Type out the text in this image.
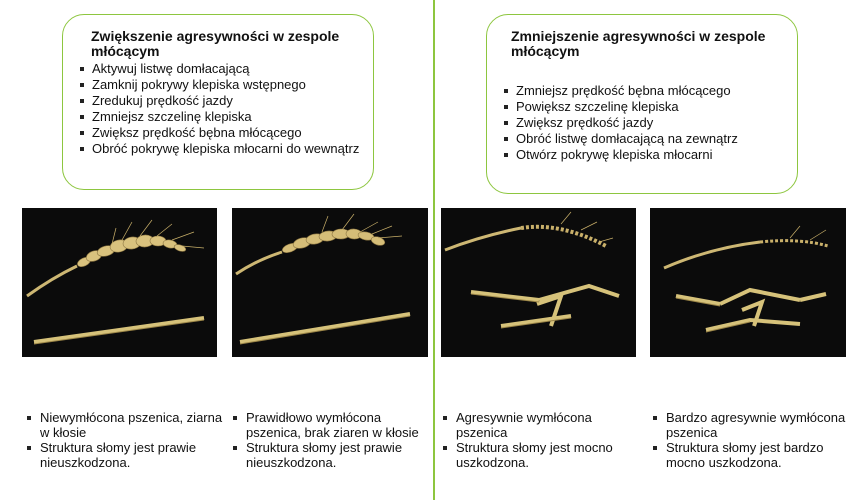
Zwiększenie agresywności w zespole młócącym
Aktywuj listwę domłacającą
Zamknij pokrywy klepiska wstępnego
Zredukuj prędkość jazdy
Zmniejsz szczelinę klepiska
Zwiększ prędkość bębna młócącego
Obróć pokrywę klepiska młocarni do wewnątrz
Zmniejszenie agresywności w zespole młócącym
Zmniejsz prędkość bębna młócącego
Powiększ szczelinę klepiska
Zwiększ prędkość jazdy
Obróć listwę domłacającą na zewnątrz
Otwórz pokrywę klepiska młocarni
Niewymłócona pszenica, ziarna w kłosie
Struktura słomy jest prawie nieuszkodzona.
Prawidłowo wymłócona pszenica, brak ziaren w kłosie
Struktura słomy jest prawie nieuszkodzona.
Agresywnie wymłócona pszenica
Struktura słomy jest mocno uszkodzona.
Bardzo agresywnie wymłócona pszenica
Struktura słomy jest bardzo mocno uszkodzona.
